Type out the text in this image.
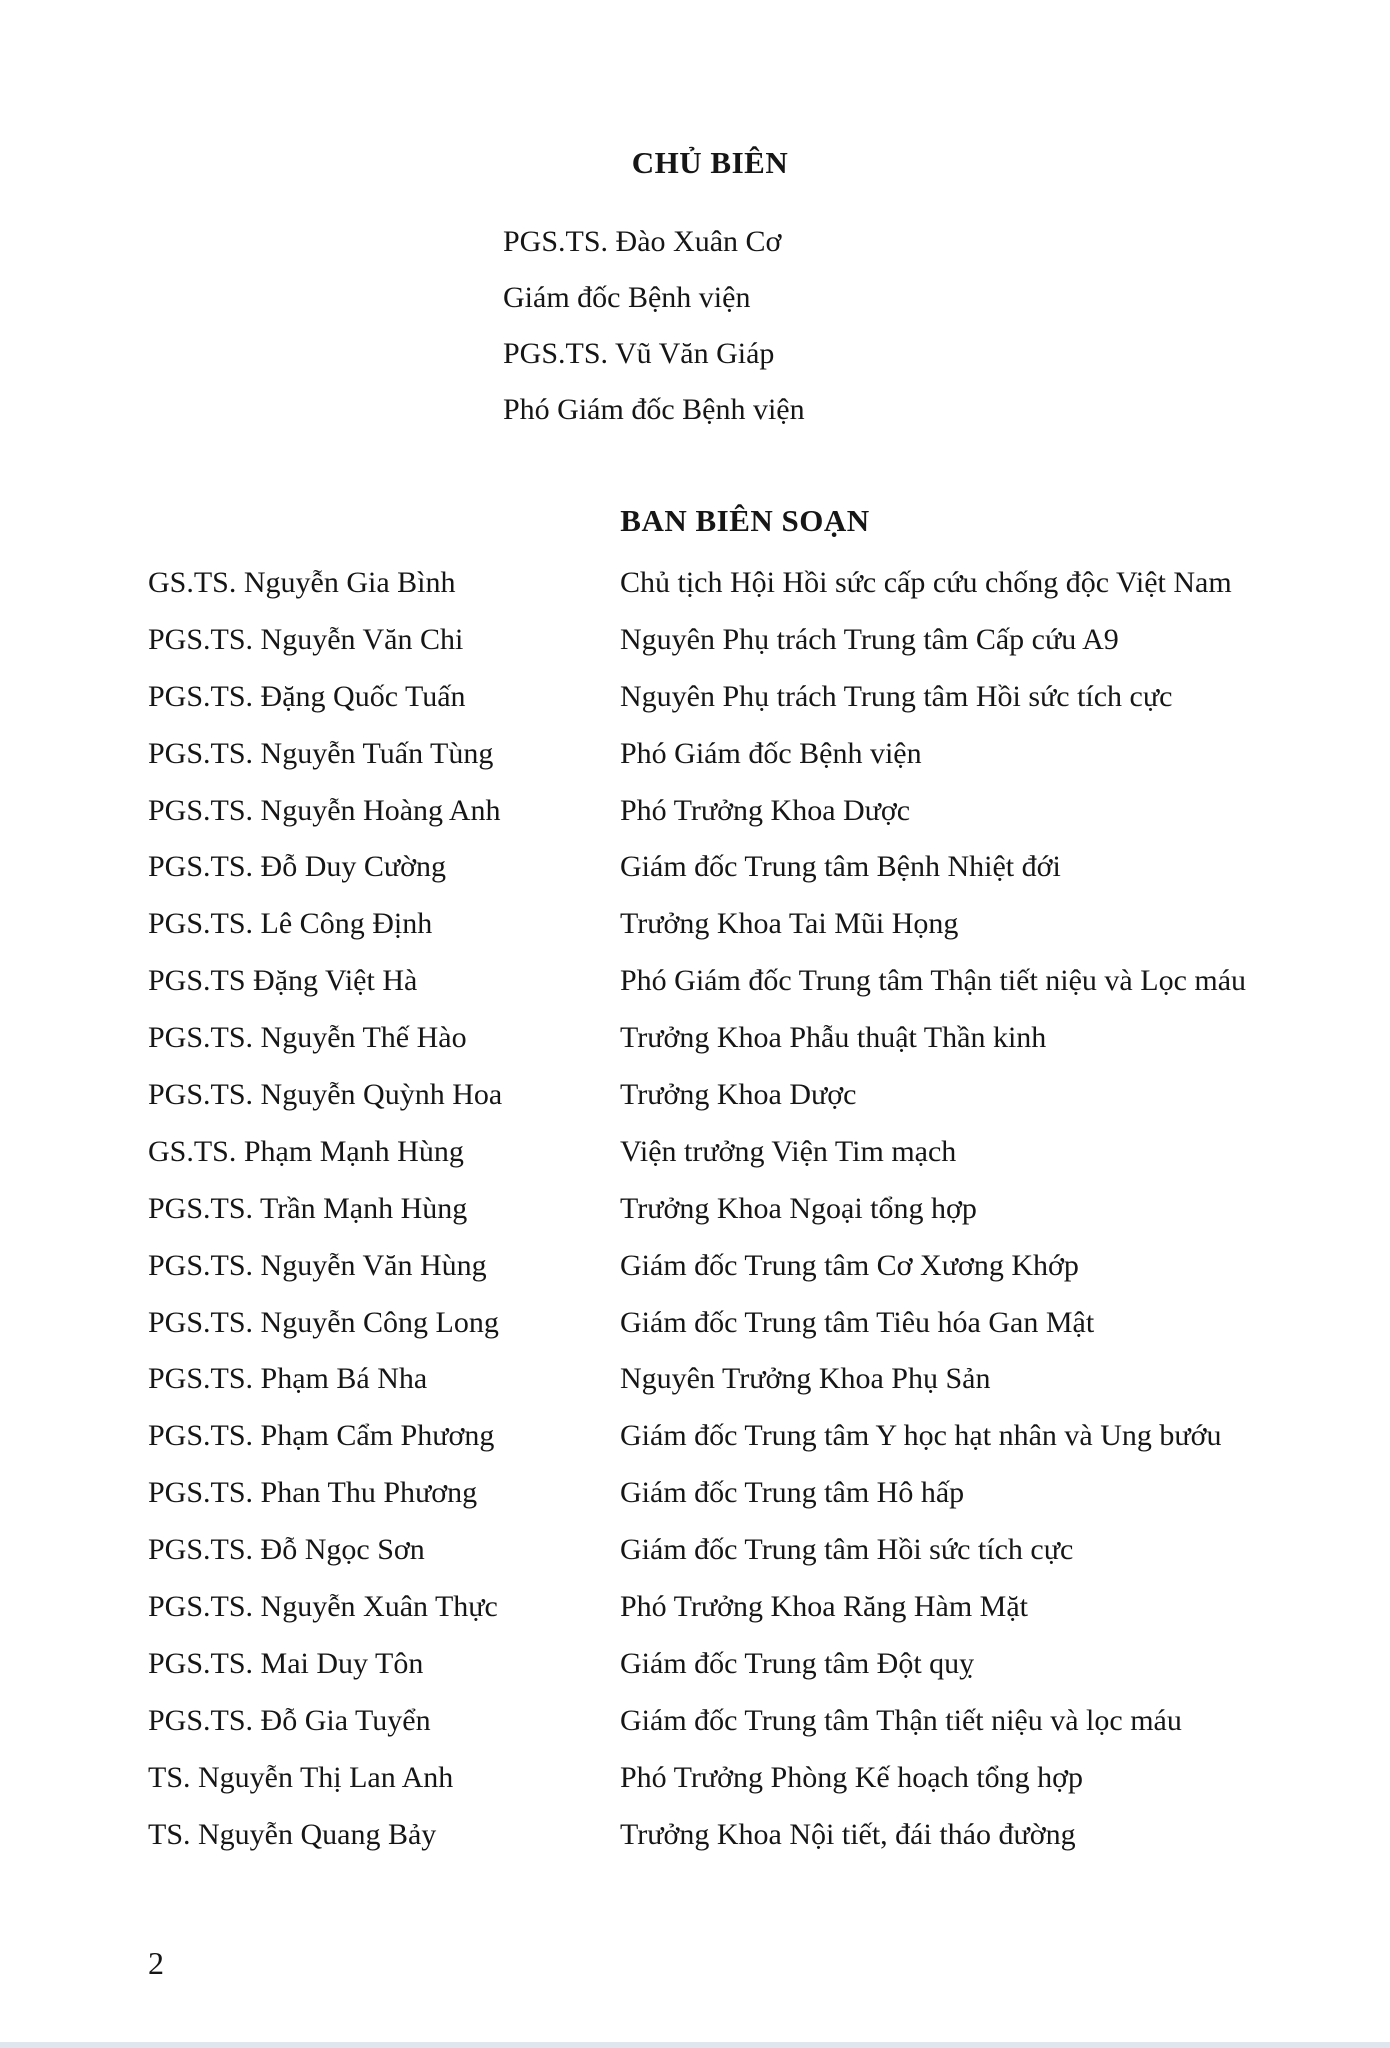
CHỦ BIÊN
PGS.TS. Đào Xuân Cơ
Giám đốc Bệnh viện
PGS.TS. Vũ Văn Giáp
Phó Giám đốc Bệnh viện
BAN BIÊN SOẠN
GS.TS. Nguyễn Gia Bình	Chủ tịch Hội Hồi sức cấp cứu chống độc Việt Nam
PGS.TS. Nguyễn Văn Chi	Nguyên Phụ trách Trung tâm Cấp cứu A9
PGS.TS. Đặng Quốc Tuấn	Nguyên Phụ trách Trung tâm Hồi sức tích cực
PGS.TS. Nguyễn Tuấn Tùng	Phó Giám đốc Bệnh viện
PGS.TS. Nguyễn Hoàng Anh	Phó Trưởng Khoa Dược
PGS.TS. Đỗ Duy Cường	Giám đốc Trung tâm Bệnh Nhiệt đới
PGS.TS. Lê Công Định	Trưởng Khoa Tai Mũi Họng
PGS.TS Đặng Việt Hà	Phó Giám đốc Trung tâm Thận tiết niệu và Lọc máu
PGS.TS. Nguyễn Thế Hào	Trưởng Khoa Phẫu thuật Thần kinh
PGS.TS. Nguyễn Quỳnh Hoa	Trưởng Khoa Dược
GS.TS. Phạm Mạnh Hùng	Viện trưởng Viện Tim mạch
PGS.TS. Trần Mạnh Hùng	Trưởng Khoa Ngoại tổng hợp
PGS.TS. Nguyễn Văn Hùng	Giám đốc Trung tâm Cơ Xương Khớp
PGS.TS. Nguyễn Công Long	Giám đốc Trung tâm Tiêu hóa Gan Mật
PGS.TS. Phạm Bá Nha	Nguyên Trưởng Khoa Phụ Sản
PGS.TS. Phạm Cẩm Phương	Giám đốc Trung tâm Y học hạt nhân và Ung bướu
PGS.TS. Phan Thu Phương	Giám đốc Trung tâm Hô hấp
PGS.TS. Đỗ Ngọc Sơn	Giám đốc Trung tâm Hồi sức tích cực
PGS.TS. Nguyễn Xuân Thực	Phó Trưởng Khoa Răng Hàm Mặt
PGS.TS. Mai Duy Tôn	Giám đốc Trung tâm Đột quỵ
PGS.TS. Đỗ Gia Tuyển	Giám đốc Trung tâm Thận tiết niệu và lọc máu
TS. Nguyễn Thị Lan Anh	Phó Trưởng Phòng Kế hoạch tổng hợp
TS. Nguyễn Quang Bảy	Trưởng Khoa Nội tiết, đái tháo đường
2
